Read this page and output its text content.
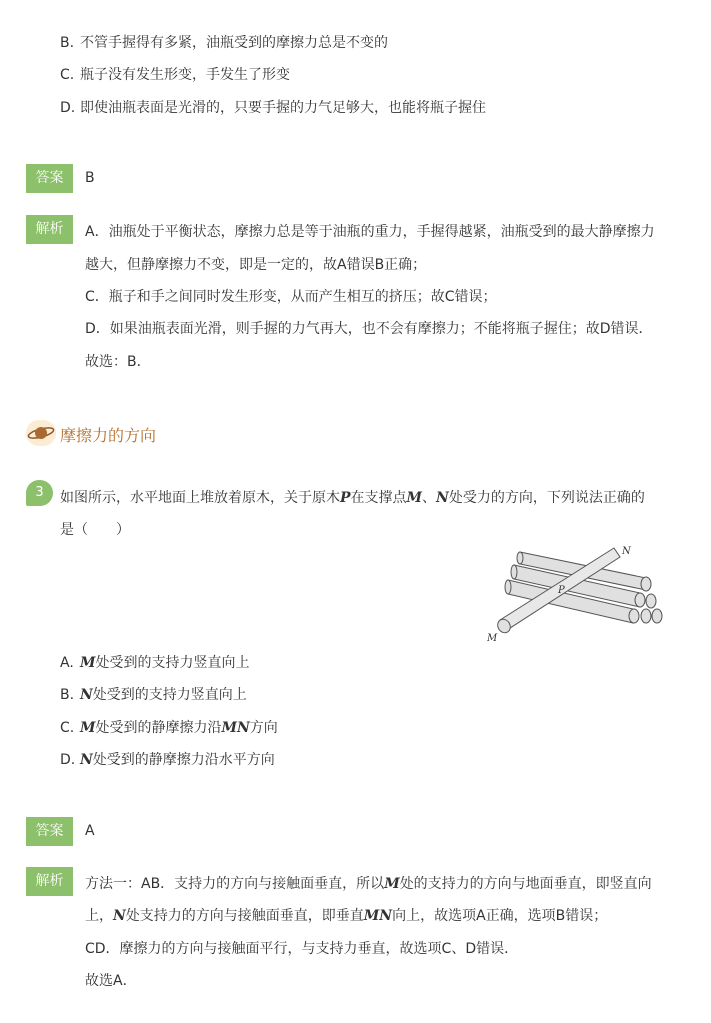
B. 不管手握得有多紧，油瓶受到的摩擦力总是不变的
C. 瓶子没有发生形变，手发生了形变
D. 即使油瓶表面是光滑的，只要手握的力气足够大，也能将瓶子握住
答案	B
解析	A．油瓶处于平衡状态，摩擦力总是等于油瓶的重力，手握得越紧，油瓶受到的最大静摩擦力
越大，但静摩擦力不变，即是一定的，故A错误B正确；
C．瓶子和手之间同时发生形变，从而产生相互的挤压；故C错误；
D．如果油瓶表面光滑，则手握的力气再大，也不会有摩擦力；不能将瓶子握住；故D错误．
故选：B．
摩擦力的方向
3	如图所示，水平地面上堆放着原木，关于原木P在支撑点M、N处受力的方向，下列说法正确的
是（　　）
N
P
M
A. M处受到的支持力竖直向上
B. N处受到的支持力竖直向上
C. M处受到的静摩擦力沿MN方向
D. N处受到的静摩擦力沿水平方向
答案	A
解析	方法一：AB．支持力的方向与接触面垂直，所以M处的支持力的方向与地面垂直，即竖直向
上，N处支持力的方向与接触面垂直，即垂直MN向上，故选项A正确，选项B错误；
CD．摩擦力的方向与接触面平行，与支持力垂直，故选项C、D错误．
故选A．
